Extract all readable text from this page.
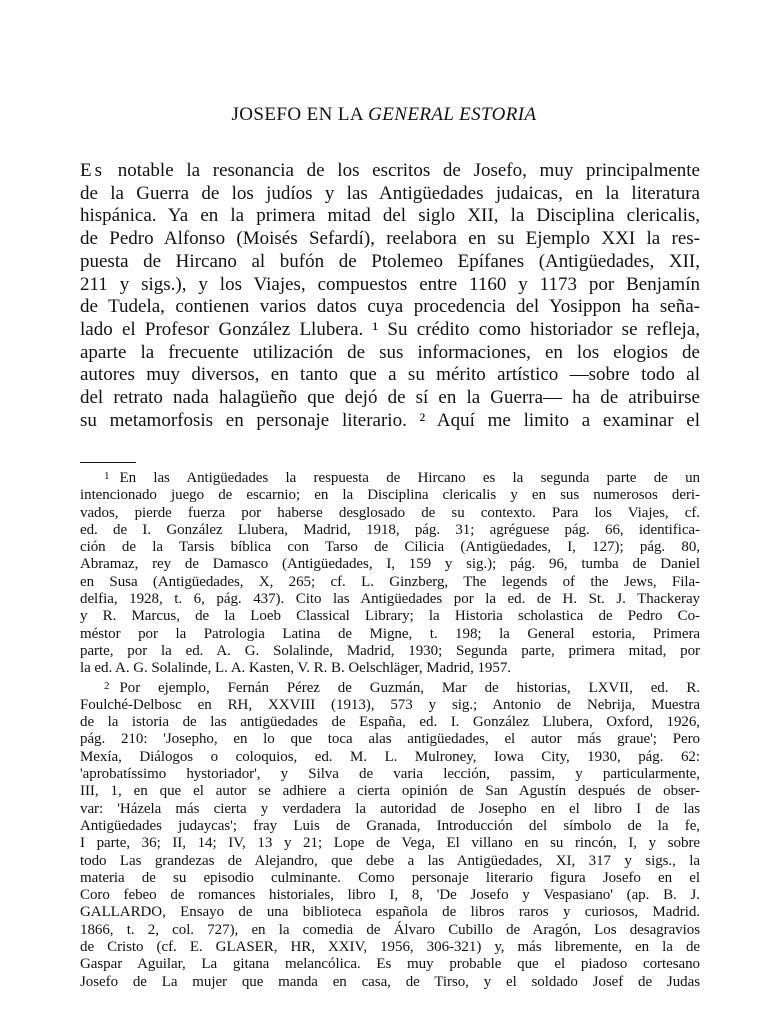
JOSEFO EN LA GENERAL ESTORIA
Es notable la resonancia de los escritos de Josefo, muy principalmente
de la Guerra de los judíos y las Antigüedades judaicas, en la literatura
hispánica. Ya en la primera mitad del siglo XII, la Disciplina clericalis,
de Pedro Alfonso (Moisés Sefardí), reelabora en su Ejemplo XXI la res-
puesta de Hircano al bufón de Ptolemeo Epífanes (Antigüedades, XII,
211 y sigs.), y los Viajes, compuestos entre 1160 y 1173 por Benjamín
de Tudela, contienen varios datos cuya procedencia del Yosippon ha seña-
lado el Profesor González Llubera. ¹ Su crédito como historiador se refleja,
aparte la frecuente utilización de sus informaciones, en los elogios de
autores muy diversos, en tanto que a su mérito artístico —sobre todo al
del retrato nada halagüeño que dejó de sí en la Guerra— ha de atribuirse
su metamorfosis en personaje literario. ² Aquí me limito a examinar el
$^1$ En las Antigüedades la respuesta de Hircano es la segunda parte de un
intencionado juego de escarnio; en la Disciplina clericalis y en sus numerosos deri-
vados, pierde fuerza por haberse desglosado de su contexto. Para los Viajes, cf.
ed. de I. González Llubera, Madrid, 1918, pág. 31; agréguese pág. 66, identifica-
ción de la Tarsis bíblica con Tarso de Cilicia (Antigüedades, I, 127); pág. 80,
Abramaz, rey de Damasco (Antigüedades, I, 159 y sig.); pág. 96, tumba de Daniel
en Susa (Antigüedades, X, 265; cf. L. Ginzberg, The legends of the Jews, Fila-
delfia, 1928, t. 6, pág. 437). Cito las Antigüedades por la ed. de H. St. J. Thackeray
y R. Marcus, de la Loeb Classical Library; la Historia scholastica de Pedro Co-
méstor por la Patrologia Latina de Migne, t. 198; la General estoria, Primera
parte, por la ed. A. G. Solalinde, Madrid, 1930; Segunda parte, primera mitad, por
la ed. A. G. Solalinde, L. A. Kasten, V. R. B. Oelschläger, Madrid, 1957.
$^2$ Por ejemplo, Fernán Pérez de Guzmán, Mar de historias, LXVII, ed. R.
Foulché-Delbosc en RH, XXVIII (1913), 573 y sig.; Antonio de Nebrija, Muestra
de la istoria de las antigüedades de España, ed. I. González Llubera, Oxford, 1926,
pág. 210: 'Josepho, en lo que toca alas antigüedades, el autor más graue'; Pero
Mexía, Diálogos o coloquios, ed. M. L. Mulroney, Iowa City, 1930, pág. 62:
'aprobatíssimo hystoriador', y Silva de varia lección, passim, y particularmente,
III, 1, en que el autor se adhiere a cierta opinión de San Agustín después de obser-
var: 'Házela más cierta y verdadera la autoridad de Josepho en el libro I de las
Antigüedades judaycas'; fray Luis de Granada, Introducción del símbolo de la fe,
I parte, 36; II, 14; IV, 13 y 21; Lope de Vega, El villano en su rincón, I, y sobre
todo Las grandezas de Alejandro, que debe a las Antigüedades, XI, 317 y sigs., la
materia de su episodio culminante. Como personaje literario figura Josefo en el
Coro febeo de romances historiales, libro I, 8, 'De Josefo y Vespasiano' (ap. B. J.
GALLARDO, Ensayo de una biblioteca española de libros raros y curiosos, Madrid.
1866, t. 2, col. 727), en la comedia de Álvaro Cubillo de Aragón, Los desagravios
de Cristo (cf. E. GLASER, HR, XXIV, 1956, 306-321) y, más libremente, en la de
Gaspar Aguilar, La gitana melancólica. Es muy probable que el piadoso cortesano
Josefo de La mujer que manda en casa, de Tirso, y el soldado Josef de Judas
